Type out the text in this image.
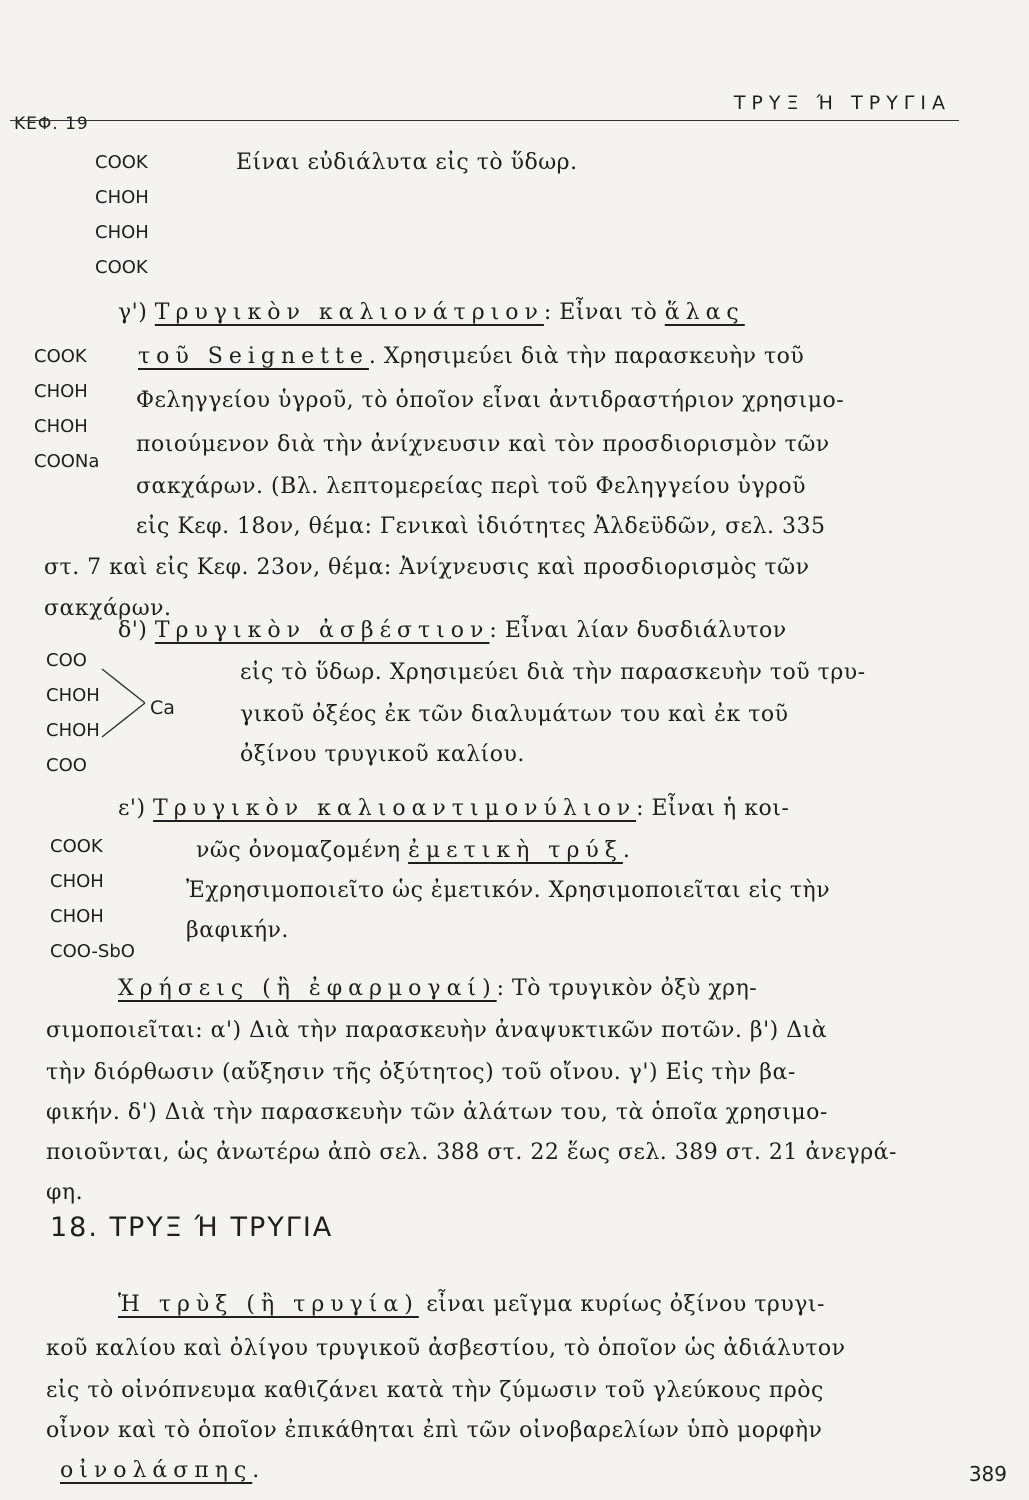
ΚΕΦ. 19
ΤΡΥΞ Ή ΤΡΥΓΙΑ
COOK
CHOH
CHOH
COOK
COOK
CHOH
CHOH
COONa
COO
CHOH
CHOH
COO
Ca
COOK
CHOH
CHOH
COO-SbO
Είναι εὐδιάλυτα εἰς τὸ ὕδωρ.
γ') Τρυγικὸν καλιονάτριον: Εἶναι τὸ ἅλας
τοῦ Seignette. Χρησιμεύει διὰ τὴν παρασκευὴν τοῦ
Φεληγγείου ὑγροῦ, τὸ ὁποῖον εἶναι ἀντιδραστήριον χρησιμο-
ποιούμενον διὰ τὴν ἀνίχνευσιν καὶ τὸν προσδιορισμὸν τῶν
σακχάρων. (Βλ. λεπτομερείας περὶ τοῦ Φεληγγείου ὑγροῦ
εἰς Κεφ. 18ον, θέμα: Γενικαὶ ἰδιότητες Ἀλδεϋδῶν, σελ. 335
στ. 7 καὶ εἰς Κεφ. 23ον, θέμα: Ἀνίχνευσις καὶ προσδιορισμὸς τῶν
σακχάρων.
δ') Τρυγικὸν ἀσβέστιον: Εἶναι λίαν δυσδιάλυτον
εἰς τὸ ὕδωρ. Χρησιμεύει διὰ τὴν παρασκευὴν τοῦ τρυ-
γικοῦ ὀξέος ἐκ τῶν διαλυμάτων του καὶ ἐκ τοῦ
ὀξίνου τρυγικοῦ καλίου.
ε') Τρυγικὸν καλιοαντιμονύλιον: Εἶναι ἡ κοι-
νῶς ὀνομαζομένη ἐμετικὴ τρύξ.
Ἐχρησιμοποιεῖτο ὡς ἐμετικόν. Χρησιμοποιεῖται εἰς τὴν
βαφικήν.
Χρήσεις (ἢ ἐφαρμογαί): Τὸ τρυγικὸν ὀξὺ χρη-
σιμοποιεῖται: α') Διὰ τὴν παρασκευὴν ἀναψυκτικῶν ποτῶν. β') Διὰ
τὴν διόρθωσιν (αὔξησιν τῆς ὀξύτητος) τοῦ οἴνου. γ') Εἰς τὴν βα-
φικήν. δ') Διὰ τὴν παρασκευὴν τῶν ἀλάτων του, τὰ ὁποῖα χρησιμο-
ποιοῦνται, ὡς ἀνωτέρω ἀπὸ σελ. 388 στ. 22 ἕως σελ. 389 στ. 21 ἀνεγρά-
φη.
18. ΤΡΥΞ Ή ΤΡΥΓΙΑ
Ἡ τρὺξ (ἢ τρυγία) εἶναι μεῖγμα κυρίως ὀξίνου τρυγι-
κοῦ καλίου καὶ ὀλίγου τρυγικοῦ ἀσβεστίου, τὸ ὁποῖον ὡς ἀδιάλυτον
εἰς τὸ οἰνόπνευμα καθιζάνει κατὰ τὴν ζύμωσιν τοῦ γλεύκους πρὸς
οἶνον καὶ τὸ ὁποῖον ἐπικάθηται ἐπὶ τῶν οἰνοβαρελίων ὑπὸ μορφὴν
οἰνολάσπης.	389
